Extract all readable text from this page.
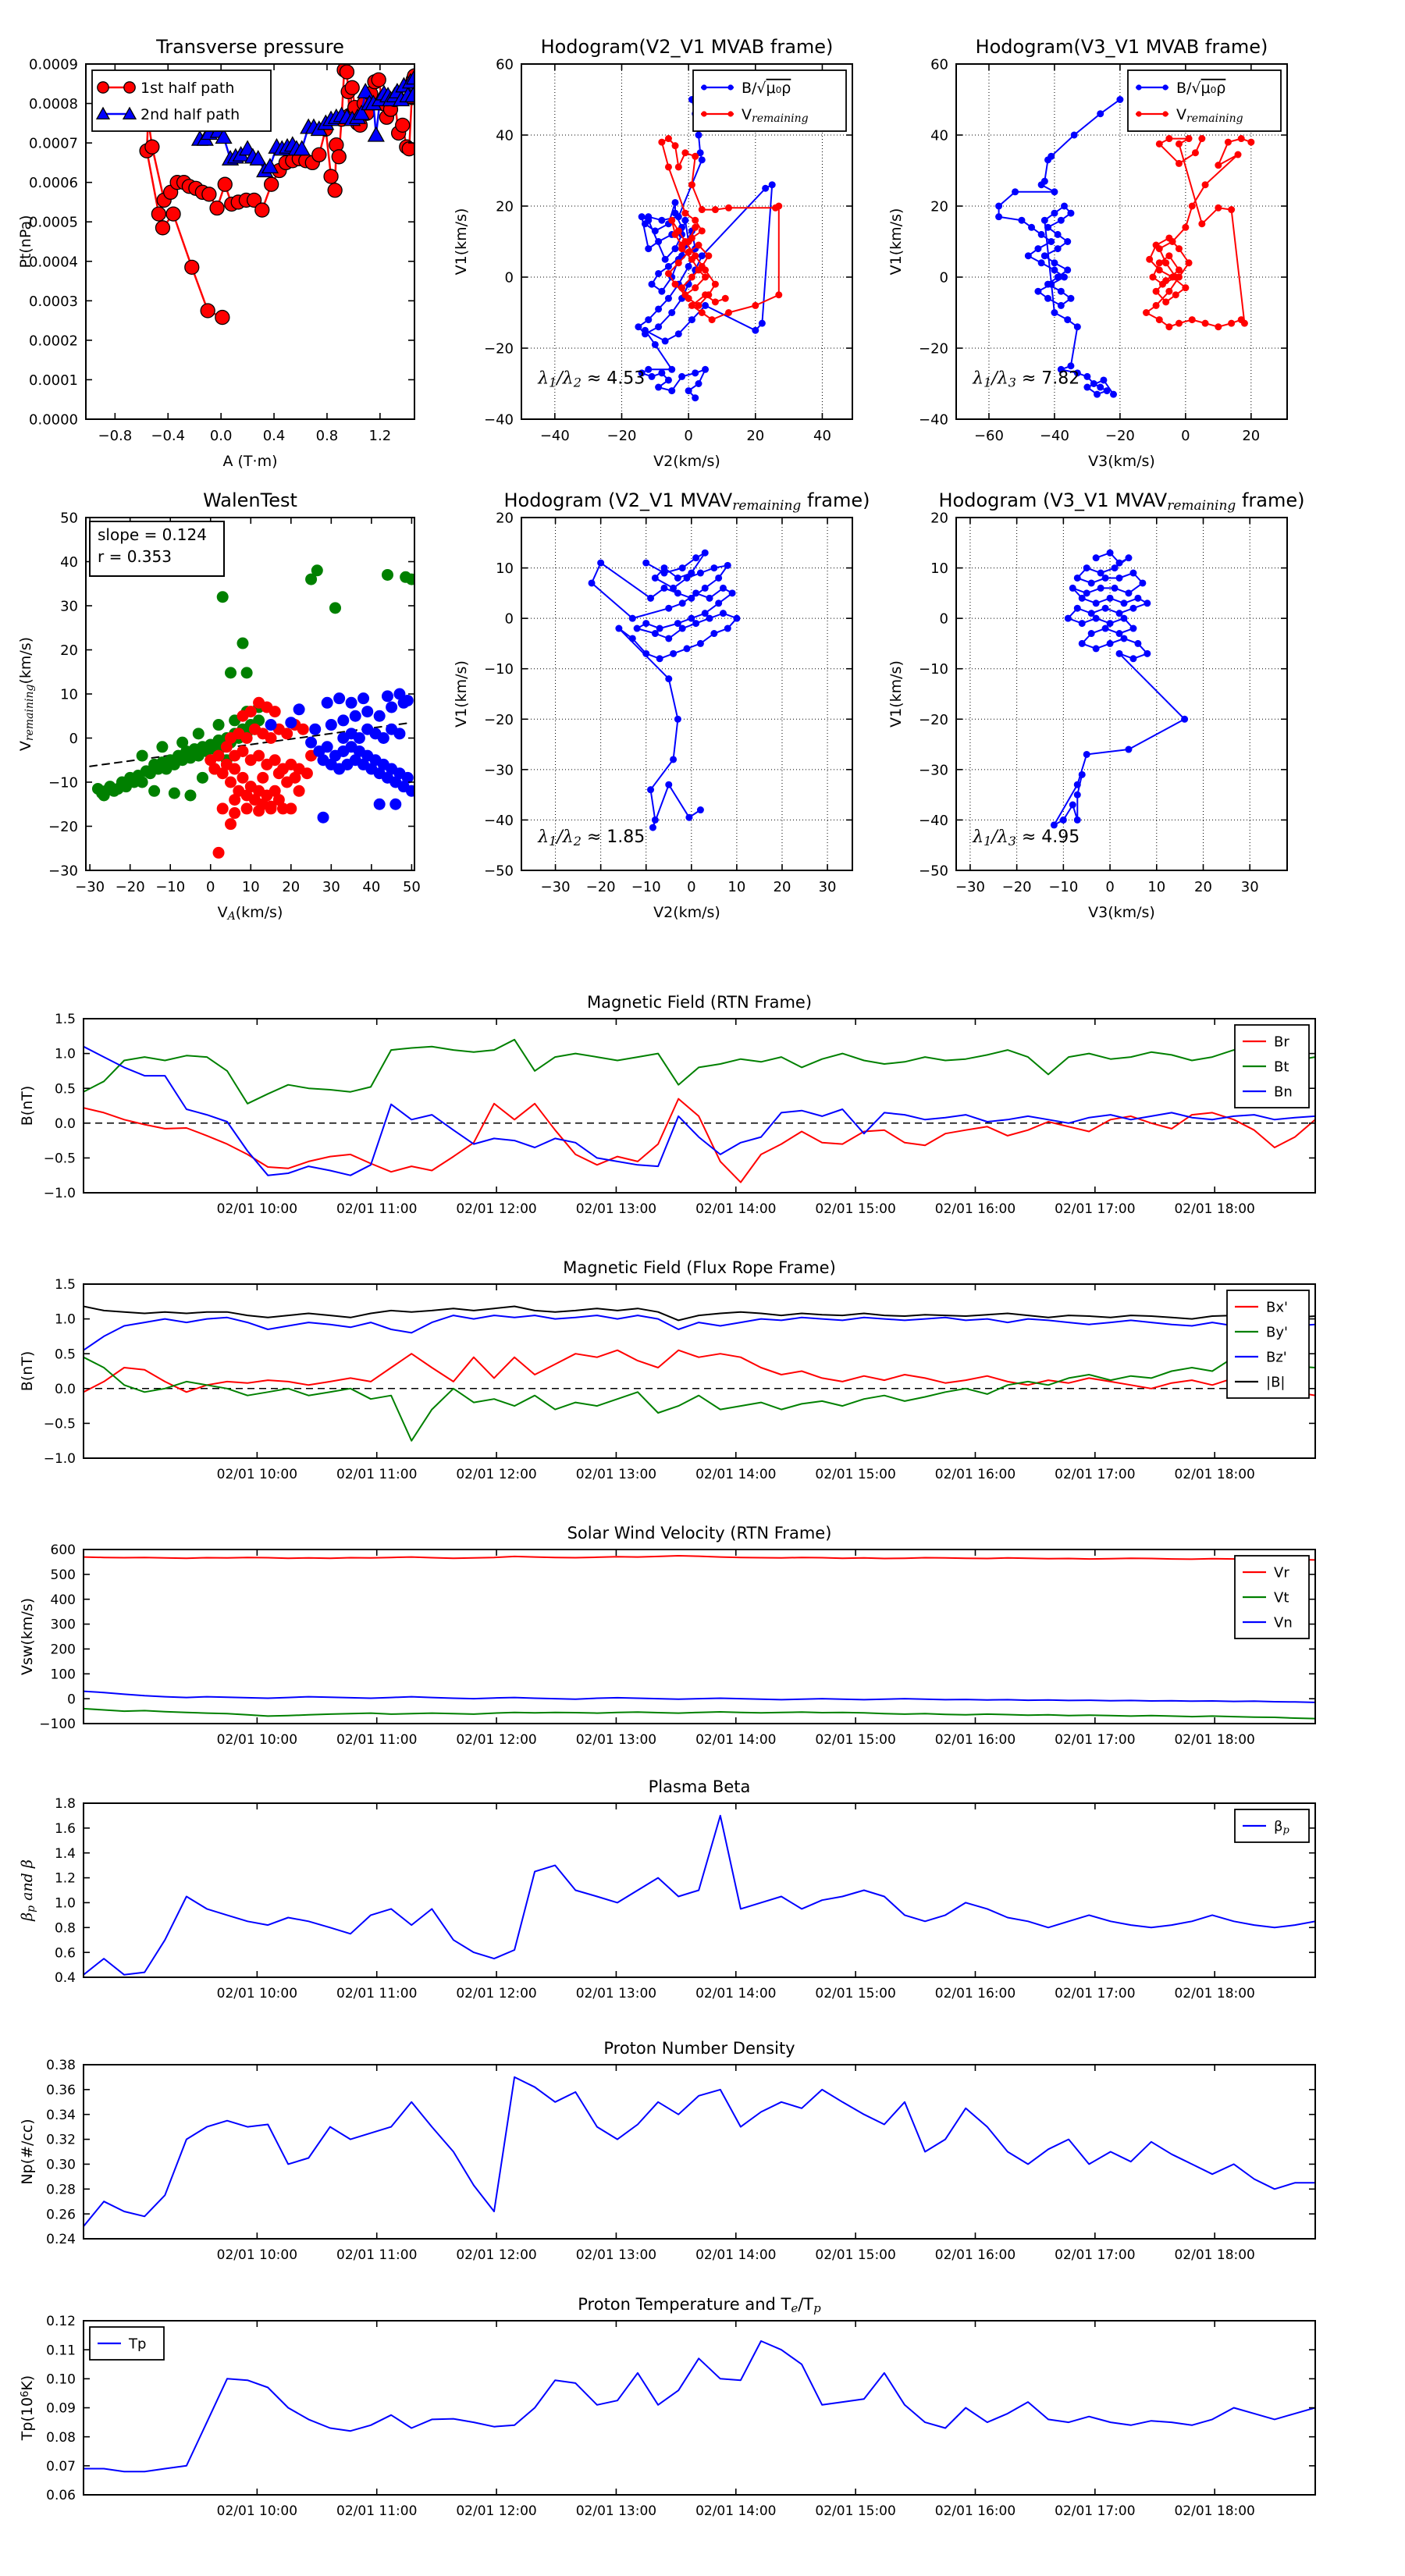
−0.8 −0.4 0.0 0.4 0.8 1.2
0.0000
0.0001
0.0002
0.0003
0.0004
0.0005
0.0006
0.0007
0.0008
0.0009
Transverse pressure
A (T·m)
Pt(nPa)
1st half path
2nd half path
−40	−20	0	20	40
−40
−20
0
20
40
60
Hodogram(V2_V1 MVAB frame)
V2(km/s)
V1(km/s)
B/√μ₀ρ
Vremaining
λ1/λ2 ≈ 4.53
−60	−40	−20	0	20
−40
−20
0
20
40
60
Hodogram(V3_V1 MVAB frame)
V3(km/s)
V1(km/s)
B/√μ₀ρ
Vremaining
λ1/λ3 ≈ 7.82
−30 −20 −10 0 10 20 30 40 50
−30
−20
−10
0
10
20
30
40
50
WalenTest
VA(km/s)
Vremaining(km/s)
slope = 0.124
r = 0.353
−30 −20 −10 0 10 20 30
−50
−40
−30
−20
−10
0
10
20
Hodogram (V2_V1 MVAVremaining frame)
V2(km/s)
V1(km/s)
λ1/λ2 ≈ 1.85
−30 −20 −10 0 10 20 30
−50
−40
−30
−20
−10
0
10
20
Hodogram (V3_V1 MVAVremaining frame)
V3(km/s)
V1(km/s)
λ1/λ3 ≈ 4.95
02/01 10:00	02/01 11:00	02/01 12:00	02/01 13:00	02/01 14:00	02/01 15:00	02/01 16:00	02/01 17:00	02/01 18:00
1.5
1.0
0.5
0.0
−0.5
−1.0
Magnetic Field (RTN Frame)
B(nT)
Br
Bt
Bn
02/01 10:00	02/01 11:00	02/01 12:00	02/01 13:00	02/01 14:00	02/01 15:00	02/01 16:00	02/01 17:00	02/01 18:00
1.5
1.0
0.5
0.0
−0.5
−1.0
Magnetic Field (Flux Rope Frame)
B(nT)
Bx'
By'
Bz'
|B|
02/01 10:00	02/01 11:00	02/01 12:00	02/01 13:00	02/01 14:00	02/01 15:00	02/01 16:00	02/01 17:00	02/01 18:00
600
500
400
300
200
100
0
−100
Solar Wind Velocity (RTN Frame)
Vsw(km/s)
Vr
Vt
Vn
02/01 10:00	02/01 11:00	02/01 12:00	02/01 13:00	02/01 14:00	02/01 15:00	02/01 16:00	02/01 17:00	02/01 18:00
1.8
1.6
1.4
1.2
1.0
0.8
0.6
0.4
Plasma Beta
βp and β
βp
02/01 10:00	02/01 11:00	02/01 12:00	02/01 13:00	02/01 14:00	02/01 15:00	02/01 16:00	02/01 17:00	02/01 18:00
0.38
0.36
0.34
0.32
0.30
0.28
0.26
0.24
Proton Number Density
Np(#/cc)
02/01 10:00	02/01 11:00	02/01 12:00	02/01 13:00	02/01 14:00	02/01 15:00	02/01 16:00	02/01 17:00	02/01 18:00
0.12
0.11
0.10
0.09
0.08
0.07
0.06
Proton Temperature and Te/Tp
Tp(106K)
Tp
